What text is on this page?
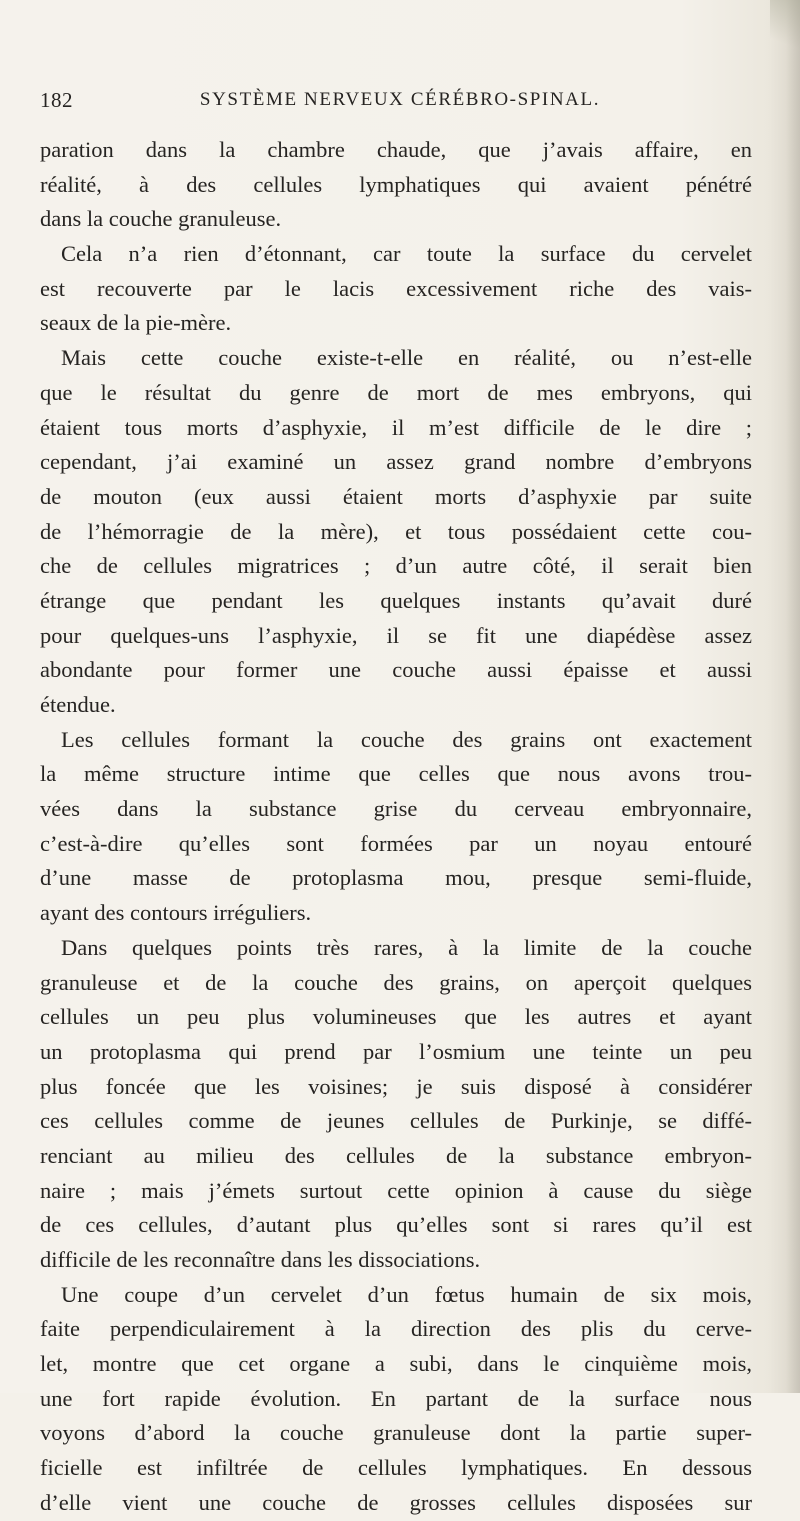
182	SYSTÈME NERVEUX CÉRÉBRO-SPINAL.
paration dans la chambre chaude, que j’avais affaire, en
réalité, à des cellules lymphatiques qui avaient pénétré
dans la couche granuleuse.
Cela n’a rien d’étonnant, car toute la surface du cervelet
est recouverte par le lacis excessivement riche des vais-
seaux de la pie-mère.
Mais cette couche existe-t-elle en réalité, ou n’est-elle
que le résultat du genre de mort de mes embryons, qui
étaient tous morts d’asphyxie, il m’est difficile de le dire ;
cependant, j’ai examiné un assez grand nombre d’embryons
de mouton (eux aussi étaient morts d’asphyxie par suite
de l’hémorragie de la mère), et tous possédaient cette cou-
che de cellules migratrices ; d’un autre côté, il serait bien
étrange que pendant les quelques instants qu’avait duré
pour quelques-uns l’asphyxie, il se fit une diapédèse assez
abondante pour former une couche aussi épaisse et aussi
étendue.
Les cellules formant la couche des grains ont exactement
la même structure intime que celles que nous avons trou-
vées dans la substance grise du cerveau embryonnaire,
c’est-à-dire qu’elles sont formées par un noyau entouré
d’une masse de protoplasma mou, presque semi-fluide,
ayant des contours irréguliers.
Dans quelques points très rares, à la limite de la couche
granuleuse et de la couche des grains, on aperçoit quelques
cellules un peu plus volumineuses que les autres et ayant
un protoplasma qui prend par l’osmium une teinte un peu
plus foncée que les voisines; je suis disposé à considérer
ces cellules comme de jeunes cellules de Purkinje, se diffé-
renciant au milieu des cellules de la substance embryon-
naire ; mais j’émets surtout cette opinion à cause du siège
de ces cellules, d’autant plus qu’elles sont si rares qu’il est
difficile de les reconnaître dans les dissociations.
Une coupe d’un cervelet d’un fœtus humain de six mois,
faite perpendiculairement à la direction des plis du cerve-
let, montre que cet organe a subi, dans le cinquième mois,
une fort rapide évolution. En partant de la surface nous
voyons d’abord la couche granuleuse dont la partie super-
ficielle est infiltrée de cellules lymphatiques. En dessous
d’elle vient une couche de grosses cellules disposées sur
